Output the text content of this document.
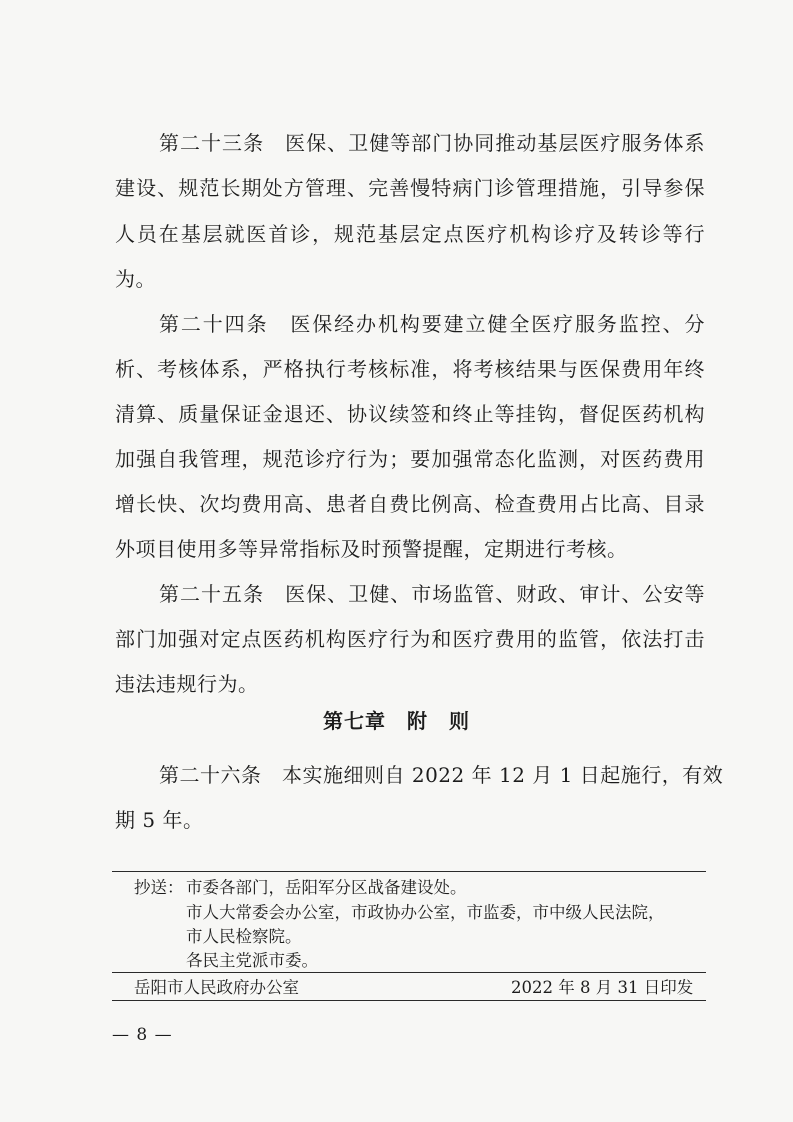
第二十三条　医保、卫健等部门协同推动基层医疗服务体系
建设、规范长期处方管理、完善慢特病门诊管理措施，引导参保
人员在基层就医首诊，规范基层定点医疗机构诊疗及转诊等行
为。
第二十四条　医保经办机构要建立健全医疗服务监控、分
析、考核体系，严格执行考核标准，将考核结果与医保费用年终
清算、质量保证金退还、协议续签和终止等挂钩，督促医药机构
加强自我管理，规范诊疗行为；要加强常态化监测，对医药费用
增长快、次均费用高、患者自费比例高、检查费用占比高、目录
外项目使用多等异常指标及时预警提醒，定期进行考核。
第二十五条　医保、卫健、市场监管、财政、审计、公安等
部门加强对定点医药机构医疗行为和医疗费用的监管，依法打击
违法违规行为。
第七章　附　则
第二十六条　本实施细则自 2022 年 12 月 1 日起施行，有效
期 5 年。
抄送： 市委各部门，岳阳军分区战备建设处。
市人大常委会办公室，市政协办公室，市监委，市中级人民法院，
市人民检察院。
各民主党派市委。
岳阳市人民政府办公室	2022 年 8 月 31 日印发
— 8 —
